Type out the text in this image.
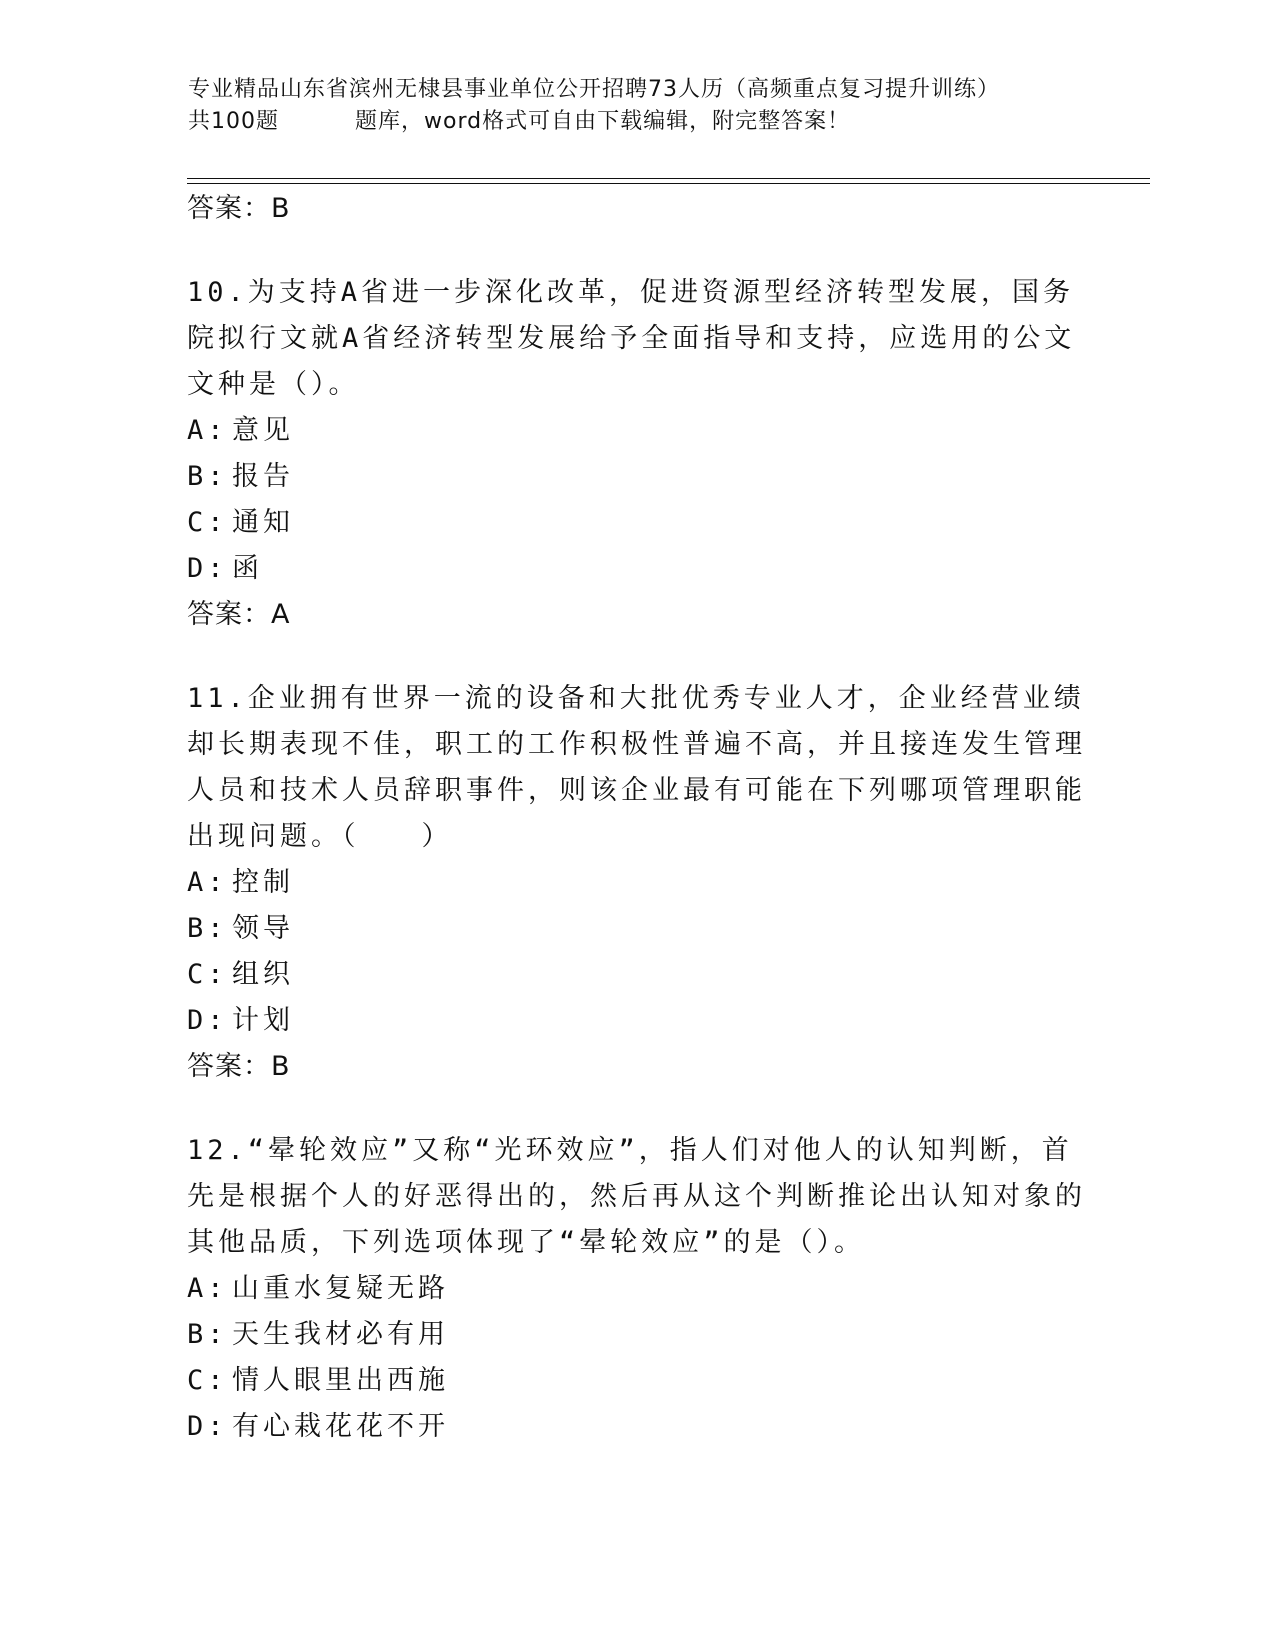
专业精品山东省滨州无棣县事业单位公开招聘73人历（高频重点复习提升训练）
共100题	题库，word格式可自由下载编辑，附完整答案！
答案：B

10.为支持A省进一步深化改革，促进资源型经济转型发展，国务院拟行文就A省经济转型发展给予全面指导和支持，应选用的公文文种是（）。

A: 意见
B: 报告
C: 通知
D: 函
答案：A

11.企业拥有世界一流的设备和大批优秀专业人才，企业经营业绩却长期表现不佳，职工的工作积极性普遍不高，并且接连发生管理人员和技术人员辞职事件，则该企业最有可能在下列哪项管理职能出现问题。（　　）

A: 控制
B: 领导
C: 组织
D: 计划
答案：B

12.“晕轮效应”又称“光环效应”，指人们对他人的认知判断，首先是根据个人的好恶得出的，然后再从这个判断推论出认知对象的其他品质，下列选项体现了“晕轮效应”的是（）。

A: 山重水复疑无路
B: 天生我材必有用
C: 情人眼里出西施
D: 有心栽花花不开
